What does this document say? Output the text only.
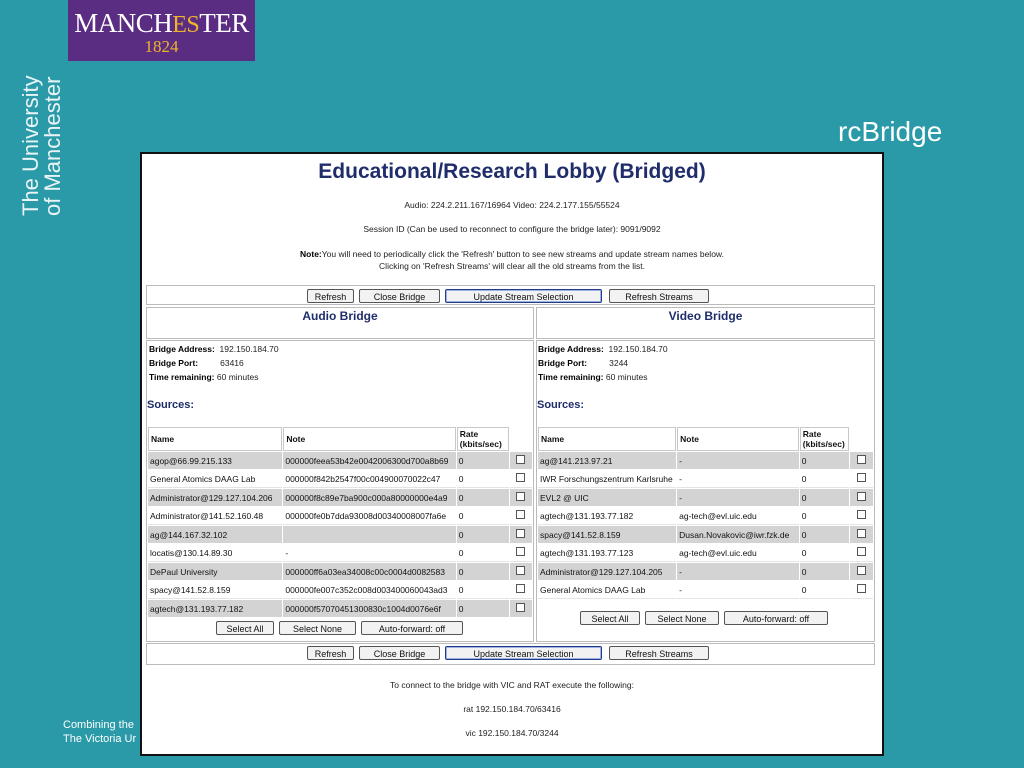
MANCHESTER
1824
The University
of Manchester	rcBridge
Combining the
The Victoria Ur
Educational/Research Lobby (Bridged)
Audio: 224.2.211.167/16964 Video: 224.2.177.155/55524
Session ID (Can be used to reconnect to configure the bridge later): 9091/9092
Note:You will need to periodically click the 'Refresh' button to see new streams and update stream names below.
Clicking on 'Refresh Streams' will clear all the old streams from the list.
Refresh	Close Bridge	Update Stream Selection	Refresh Streams
Audio Bridge	Video Bridge
Bridge Address: 192.150.184.70
Bridge Port:	63416
Time remaining: 60 minutes
Sources:
Name	Note	Rate (kbits/sec)	
agop@66.99.215.133	000000feea53b42e0042006300d700a8b69	0	
General Atomics DAAG Lab	000000f842b2547f00c004900070022c47	0	
Administrator@129.127.104.206	000000f8c89e7ba900c000a80000000e4a9	0	
Administrator@141.52.160.48	000000fe0b7dda93008d00340008007fa6e	0	
ag@144.167.32.102		0	
locatis@130.14.89.30	-	0	
DePaul University	000000ff6a03ea34008c00c0004d0082583	0	
spacy@141.52.8.159	000000fe007c352c008d003400060043ad3	0	
agtech@131.193.77.182	000000f57070451300830c1004d0076e6f	0	
Select All	Select None	Auto-forward: off
Bridge Address: 192.150.184.70
Bridge Port:	3244
Time remaining: 60 minutes
Sources:
Name	Note	Rate (kbits/sec)	
ag@141.213.97.21	-	0	
IWR Forschungszentrum Karlsruhe	-	0	
EVL2 @ UIC	-	0	
agtech@131.193.77.182	ag-tech@evl.uic.edu	0	
spacy@141.52.8.159	Dusan.Novakovic@iwr.fzk.de	0	
agtech@131.193.77.123	ag-tech@evl.uic.edu	0	
Administrator@129.127.104.205	-	0	
General Atomics DAAG Lab	-	0	
Select All	Select None	Auto-forward: off
Refresh	Close Bridge	Update Stream Selection	Refresh Streams
To connect to the bridge with VIC and RAT execute the following:
rat 192.150.184.70/63416
vic 192.150.184.70/3244
